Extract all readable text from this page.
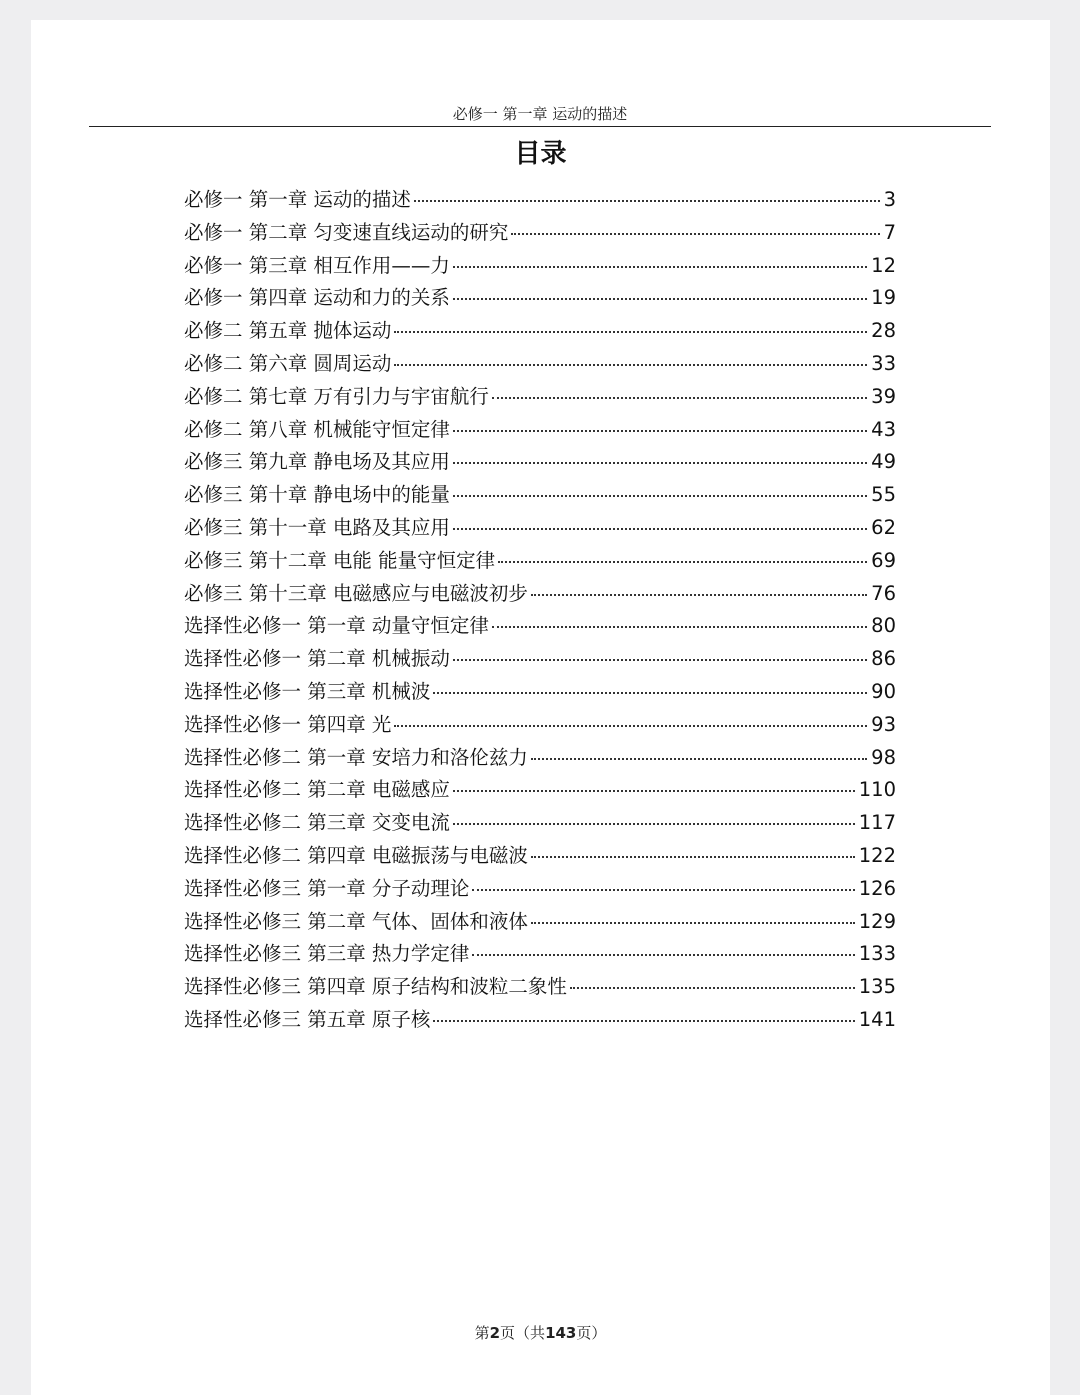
必修一 第一章 运动的描述
目录
必修一 第一章 运动的描述	3
必修一 第二章 匀变速直线运动的研究	7
必修一 第三章 相互作用——力	12
必修一 第四章 运动和力的关系	19
必修二 第五章 抛体运动	28
必修二 第六章 圆周运动	33
必修二 第七章 万有引力与宇宙航行	39
必修二 第八章 机械能守恒定律	43
必修三 第九章 静电场及其应用	49
必修三 第十章 静电场中的能量	55
必修三 第十一章 电路及其应用	62
必修三 第十二章 电能 能量守恒定律	69
必修三 第十三章 电磁感应与电磁波初步	76
选择性必修一 第一章 动量守恒定律	80
选择性必修一 第二章 机械振动	86
选择性必修一 第三章 机械波	90
选择性必修一 第四章 光	93
选择性必修二 第一章 安培力和洛伦兹力	98
选择性必修二 第二章 电磁感应	110
选择性必修二 第三章 交变电流	117
选择性必修二 第四章 电磁振荡与电磁波	122
选择性必修三 第一章 分子动理论	126
选择性必修三 第二章 气体、固体和液体	129
选择性必修三 第三章 热力学定律	133
选择性必修三 第四章 原子结构和波粒二象性	135
选择性必修三 第五章 原子核	141
第2页（共143页）
